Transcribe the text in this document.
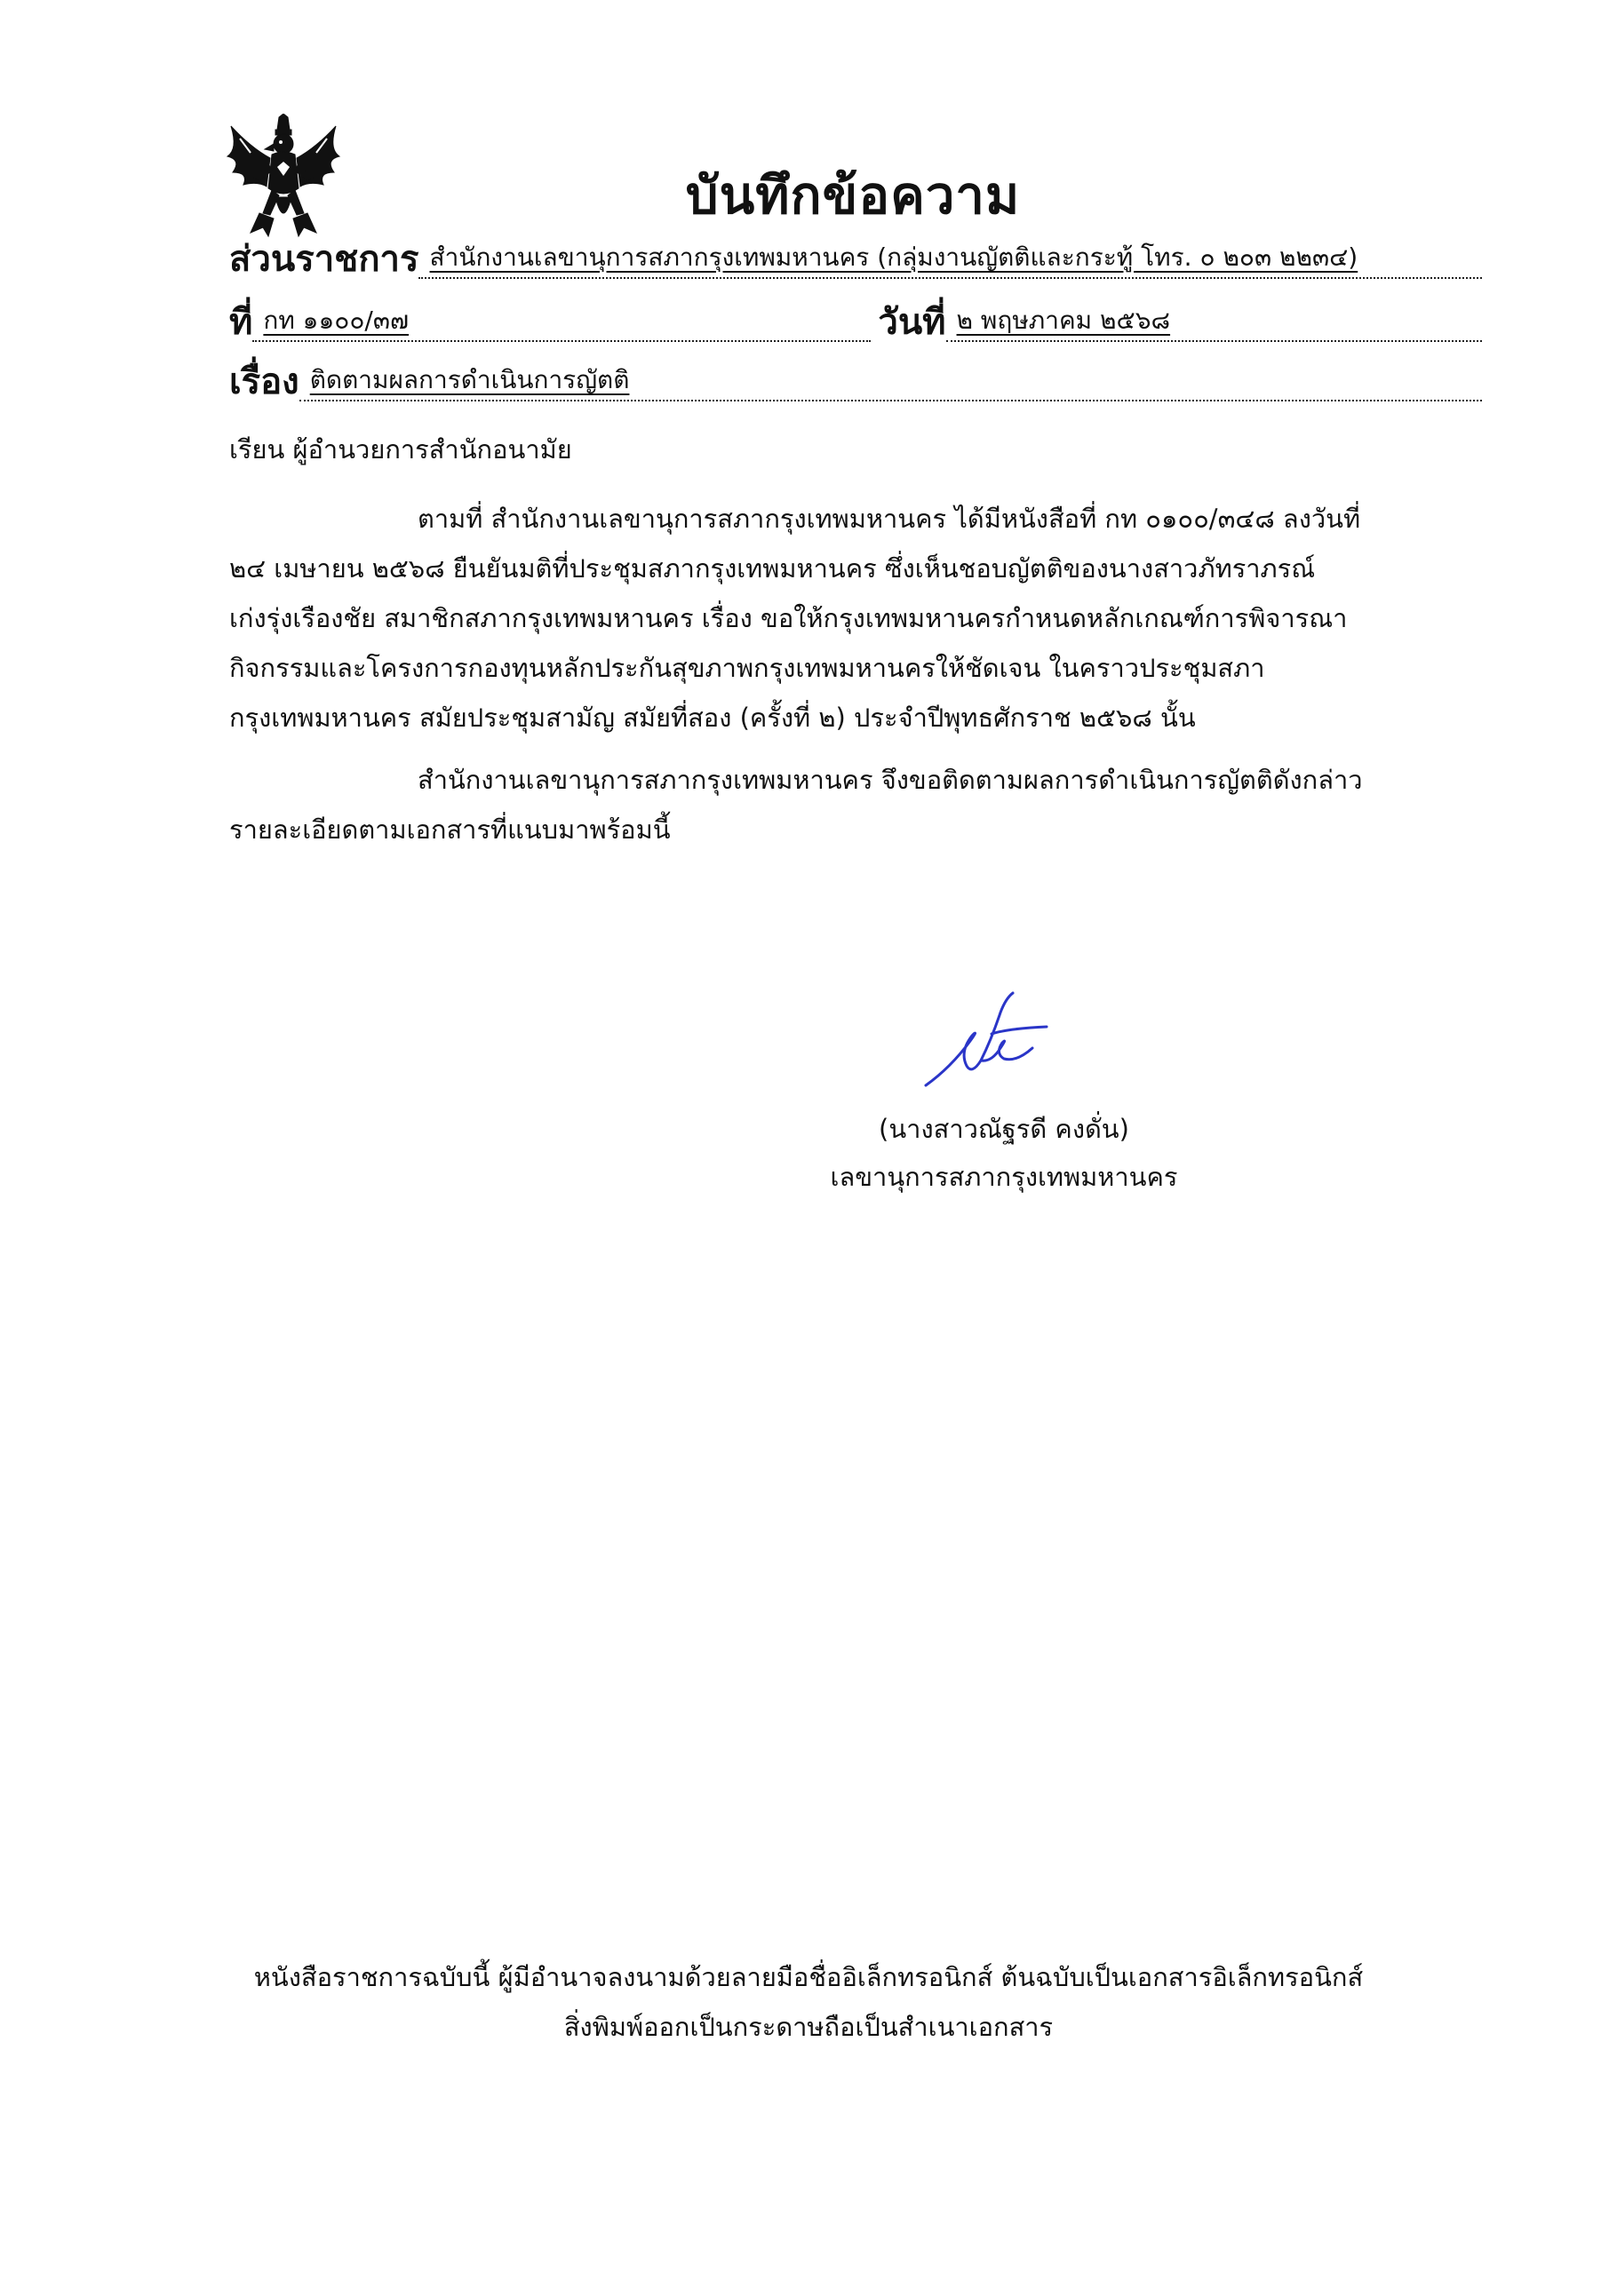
บันทึกข้อความ
ส่วนราชการ สำนักงานเลขานุการสภากรุงเทพมหานคร (กลุ่มงานญัตติและกระทู้ โทร. ๐ ๒๐๓ ๒๒๓๔)
ที่ กท ๑๑๐๐/๓๗	วันที่ ๒ พฤษภาคม ๒๕๖๘
เรื่อง ติดตามผลการดำเนินการญัตติ
เรียน ผู้อำนวยการสำนักอนามัย
ตามที่ สำนักงานเลขานุการสภากรุงเทพมหานคร ได้มีหนังสือที่ กท ๐๑๐๐/๓๔๘ ลงวันที่
๒๔ เมษายน ๒๕๖๘ ยืนยันมติที่ประชุมสภากรุงเทพมหานคร ซึ่งเห็นชอบญัตติของนางสาวภัทราภรณ์
เก่งรุ่งเรืองชัย สมาชิกสภากรุงเทพมหานคร เรื่อง ขอให้กรุงเทพมหานครกำหนดหลักเกณฑ์การพิจารณา
กิจกรรมและโครงการกองทุนหลักประกันสุขภาพกรุงเทพมหานครให้ชัดเจน ในคราวประชุมสภา
กรุงเทพมหานคร สมัยประชุมสามัญ สมัยที่สอง (ครั้งที่ ๒) ประจำปีพุทธศักราช ๒๕๖๘ นั้น
สำนักงานเลขานุการสภากรุงเทพมหานคร จึงขอติดตามผลการดำเนินการญัตติดังกล่าว
รายละเอียดตามเอกสารที่แนบมาพร้อมนี้
(นางสาวณัฐรดี คงดั่น)
เลขานุการสภากรุงเทพมหานคร
หนังสือราชการฉบับนี้ ผู้มีอำนาจลงนามด้วยลายมือชื่ออิเล็กทรอนิกส์ ต้นฉบับเป็นเอกสารอิเล็กทรอนิกส์
สิ่งพิมพ์ออกเป็นกระดาษถือเป็นสำเนาเอกสาร
